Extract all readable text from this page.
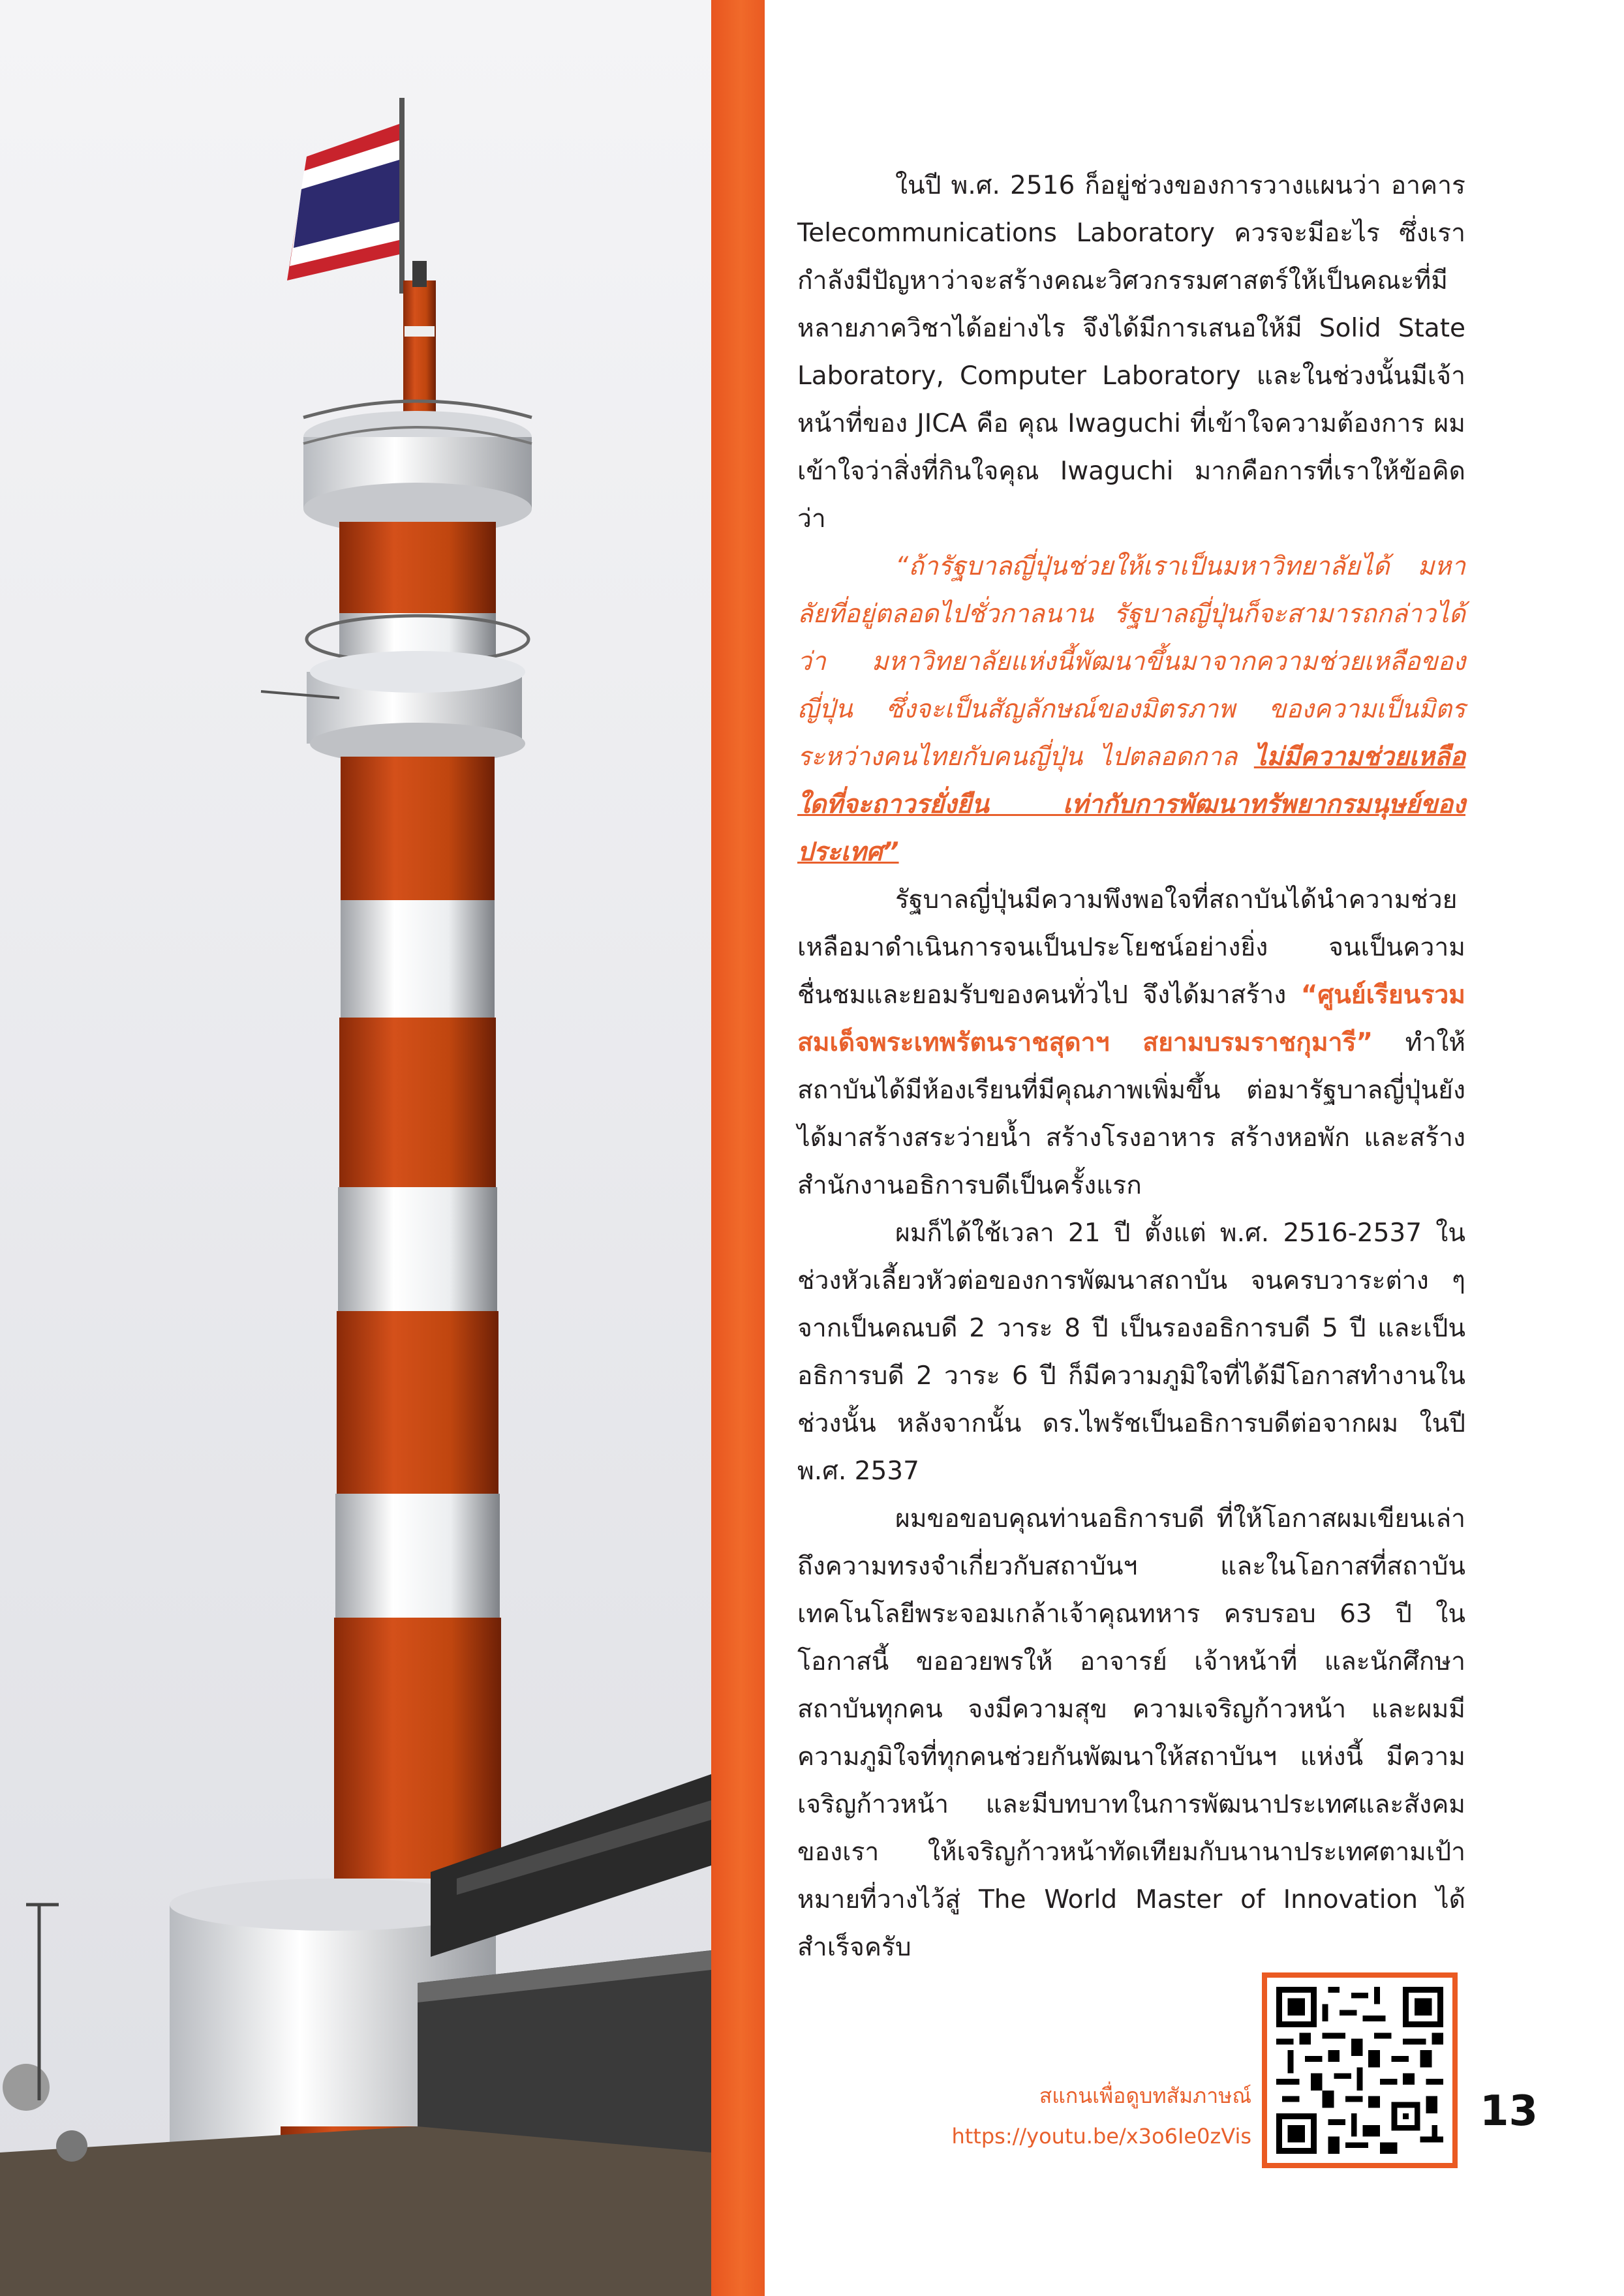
ในปี พ.ศ. 2516 ก็อยู่ช่วงของการวางแผนว่า อาคาร Telecommunications Laboratory ควรจะมีอะไร ซึ่งเรากำลังมีปัญหาว่าจะสร้างคณะวิศวกรรมศาสตร์ให้เป็นคณะที่มีหลายภาควิชาได้อย่างไร จึงได้มีการเสนอให้มี Solid State Laboratory, Computer Laboratory และในช่วงนั้นมีเจ้าหน้าที่ของ JICA คือ คุณ Iwaguchi ที่เข้าใจความต้องการ ผมเข้าใจว่าสิ่งที่กินใจคุณ Iwaguchi มากคือการที่เราให้ข้อคิดว่า

“ถ้ารัฐบาลญี่ปุ่นช่วยให้เราเป็นมหาวิทยาลัยได้ มหาลัยที่อยู่ตลอดไปชั่วกาลนาน รัฐบาลญี่ปุ่นก็จะสามารถกล่าวได้ว่า มหาวิทยาลัยแห่งนี้พัฒนาขึ้นมาจากความช่วยเหลือของญี่ปุ่น ซึ่งจะเป็นสัญลักษณ์ของมิตรภาพ ของความเป็นมิตรระหว่างคนไทยกับคนญี่ปุ่น ไปตลอดกาล ไม่มีความช่วยเหลือใดที่จะถาวรยั่งยืน เท่ากับการพัฒนาทรัพยากรมนุษย์ของประเทศ”

รัฐบาลญี่ปุ่นมีความพึงพอใจที่สถาบันได้นำความช่วยเหลือมาดำเนินการจนเป็นประโยชน์อย่างยิ่ง จนเป็นความชื่นชมและยอมรับของคนทั่วไป จึงได้มาสร้าง “ศูนย์เรียนรวมสมเด็จพระเทพรัตนราชสุดาฯ สยามบรมราชกุมารี” ทำให้สถาบันได้มีห้องเรียนที่มีคุณภาพเพิ่มขึ้น ต่อมารัฐบาลญี่ปุ่นยังได้มาสร้างสระว่ายน้ำ สร้างโรงอาหาร สร้างหอพัก และสร้างสำนักงานอธิการบดีเป็นครั้งแรก

ผมก็ได้ใช้เวลา 21 ปี ตั้งแต่ พ.ศ. 2516-2537 ในช่วงหัวเลี้ยวหัวต่อของการพัฒนาสถาบัน จนครบวาระต่าง ๆ จากเป็นคณบดี 2 วาระ 8 ปี เป็นรองอธิการบดี 5 ปี และเป็นอธิการบดี 2 วาระ 6 ปี ก็มีความภูมิใจที่ได้มีโอกาสทำงานในช่วงนั้น หลังจากนั้น ดร.ไพรัชเป็นอธิการบดีต่อจากผม ในปี พ.ศ. 2537

ผมขอขอบคุณท่านอธิการบดี ที่ให้โอกาสผมเขียนเล่าถึงความทรงจำเกี่ยวกับสถาบันฯ และในโอกาสที่สถาบันเทคโนโลยีพระจอมเกล้าเจ้าคุณทหาร ครบรอบ 63 ปี ในโอกาสนี้ ขออวยพรให้ อาจารย์ เจ้าหน้าที่ และนักศึกษาสถาบันทุกคน จงมีความสุข ความเจริญก้าวหน้า และผมมีความภูมิใจที่ทุกคนช่วยกันพัฒนาให้สถาบันฯ แห่งนี้ มีความเจริญก้าวหน้า และมีบทบาทในการพัฒนาประเทศและสังคมของเรา ให้เจริญก้าวหน้าทัดเทียมกับนานาประเทศตามเป้าหมายที่วางไว้สู่ The World Master of Innovation ได้สำเร็จครับ

สแกนเพื่อดูบทสัมภาษณ์
https://youtu.be/x3o6Ie0zVis
13
